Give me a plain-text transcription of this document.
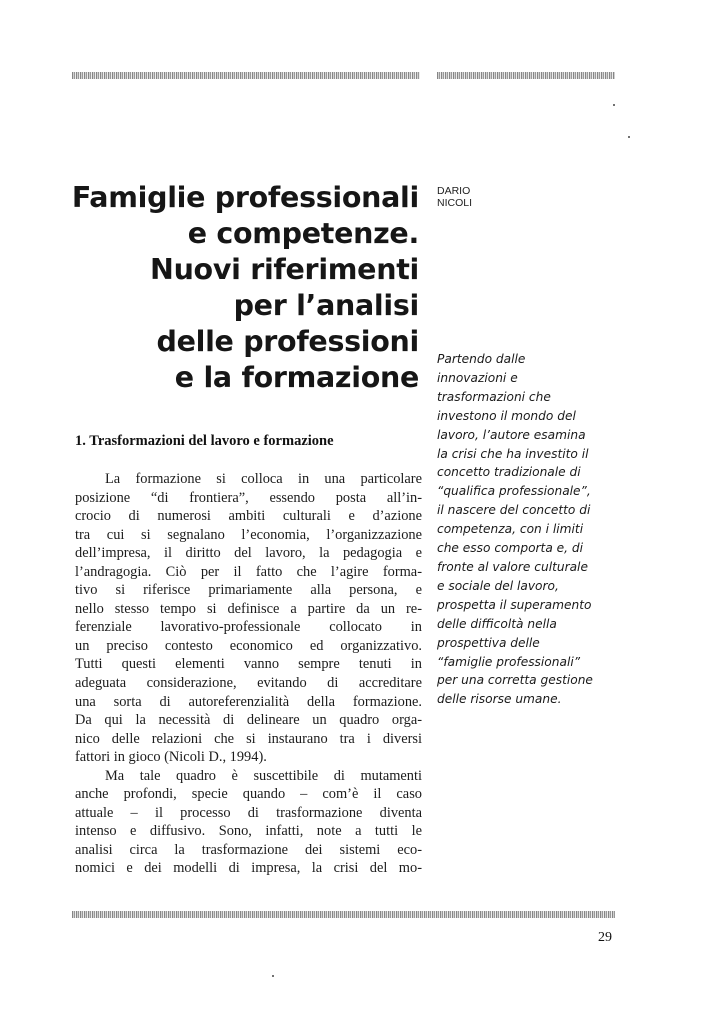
Famiglie professionali
e competenze.
Nuovi riferimenti
per l’analisi
delle professioni
e la formazione
DARIO
NICOLI
Partendo dalle
innovazioni e
trasformazioni che
investono il mondo del
lavoro, l’autore esamina
la crisi che ha investito il
concetto tradizionale di
“qualifica professionale”,
il nascere del concetto di
competenza, con i limiti
che esso comporta e, di
fronte al valore culturale
e sociale del lavoro,
prospetta il superamento
delle difficoltà nella
prospettiva delle
“famiglie professionali”
per una corretta gestione
delle risorse umane.
1. Trasformazioni del lavoro e formazione
La formazione si colloca in una particolare
posizione “di frontiera”, essendo posta all’in-
crocio di numerosi ambiti culturali e d’azione
tra cui si segnalano l’economia, l’organizzazione
dell’impresa, il diritto del lavoro, la pedagogia e
l’andragogia. Ciò per il fatto che l’agire forma-
tivo si riferisce primariamente alla persona, e
nello stesso tempo si definisce a partire da un re-
ferenziale lavorativo-professionale collocato in
un preciso contesto economico ed organizzativo.
Tutti questi elementi vanno sempre tenuti in
adeguata considerazione, evitando di accreditare
una sorta di autoreferenzialità della formazione.
Da qui la necessità di delineare un quadro orga-
nico delle relazioni che si instaurano tra i diversi
fattori in gioco (Nicoli D., 1994).
Ma tale quadro è suscettibile di mutamenti
anche profondi, specie quando – com’è il caso
attuale – il processo di trasformazione diventa
intenso e diffusivo. Sono, infatti, note a tutti le
analisi circa la trasformazione dei sistemi eco-
nomici e dei modelli di impresa, la crisi del mo-
29
